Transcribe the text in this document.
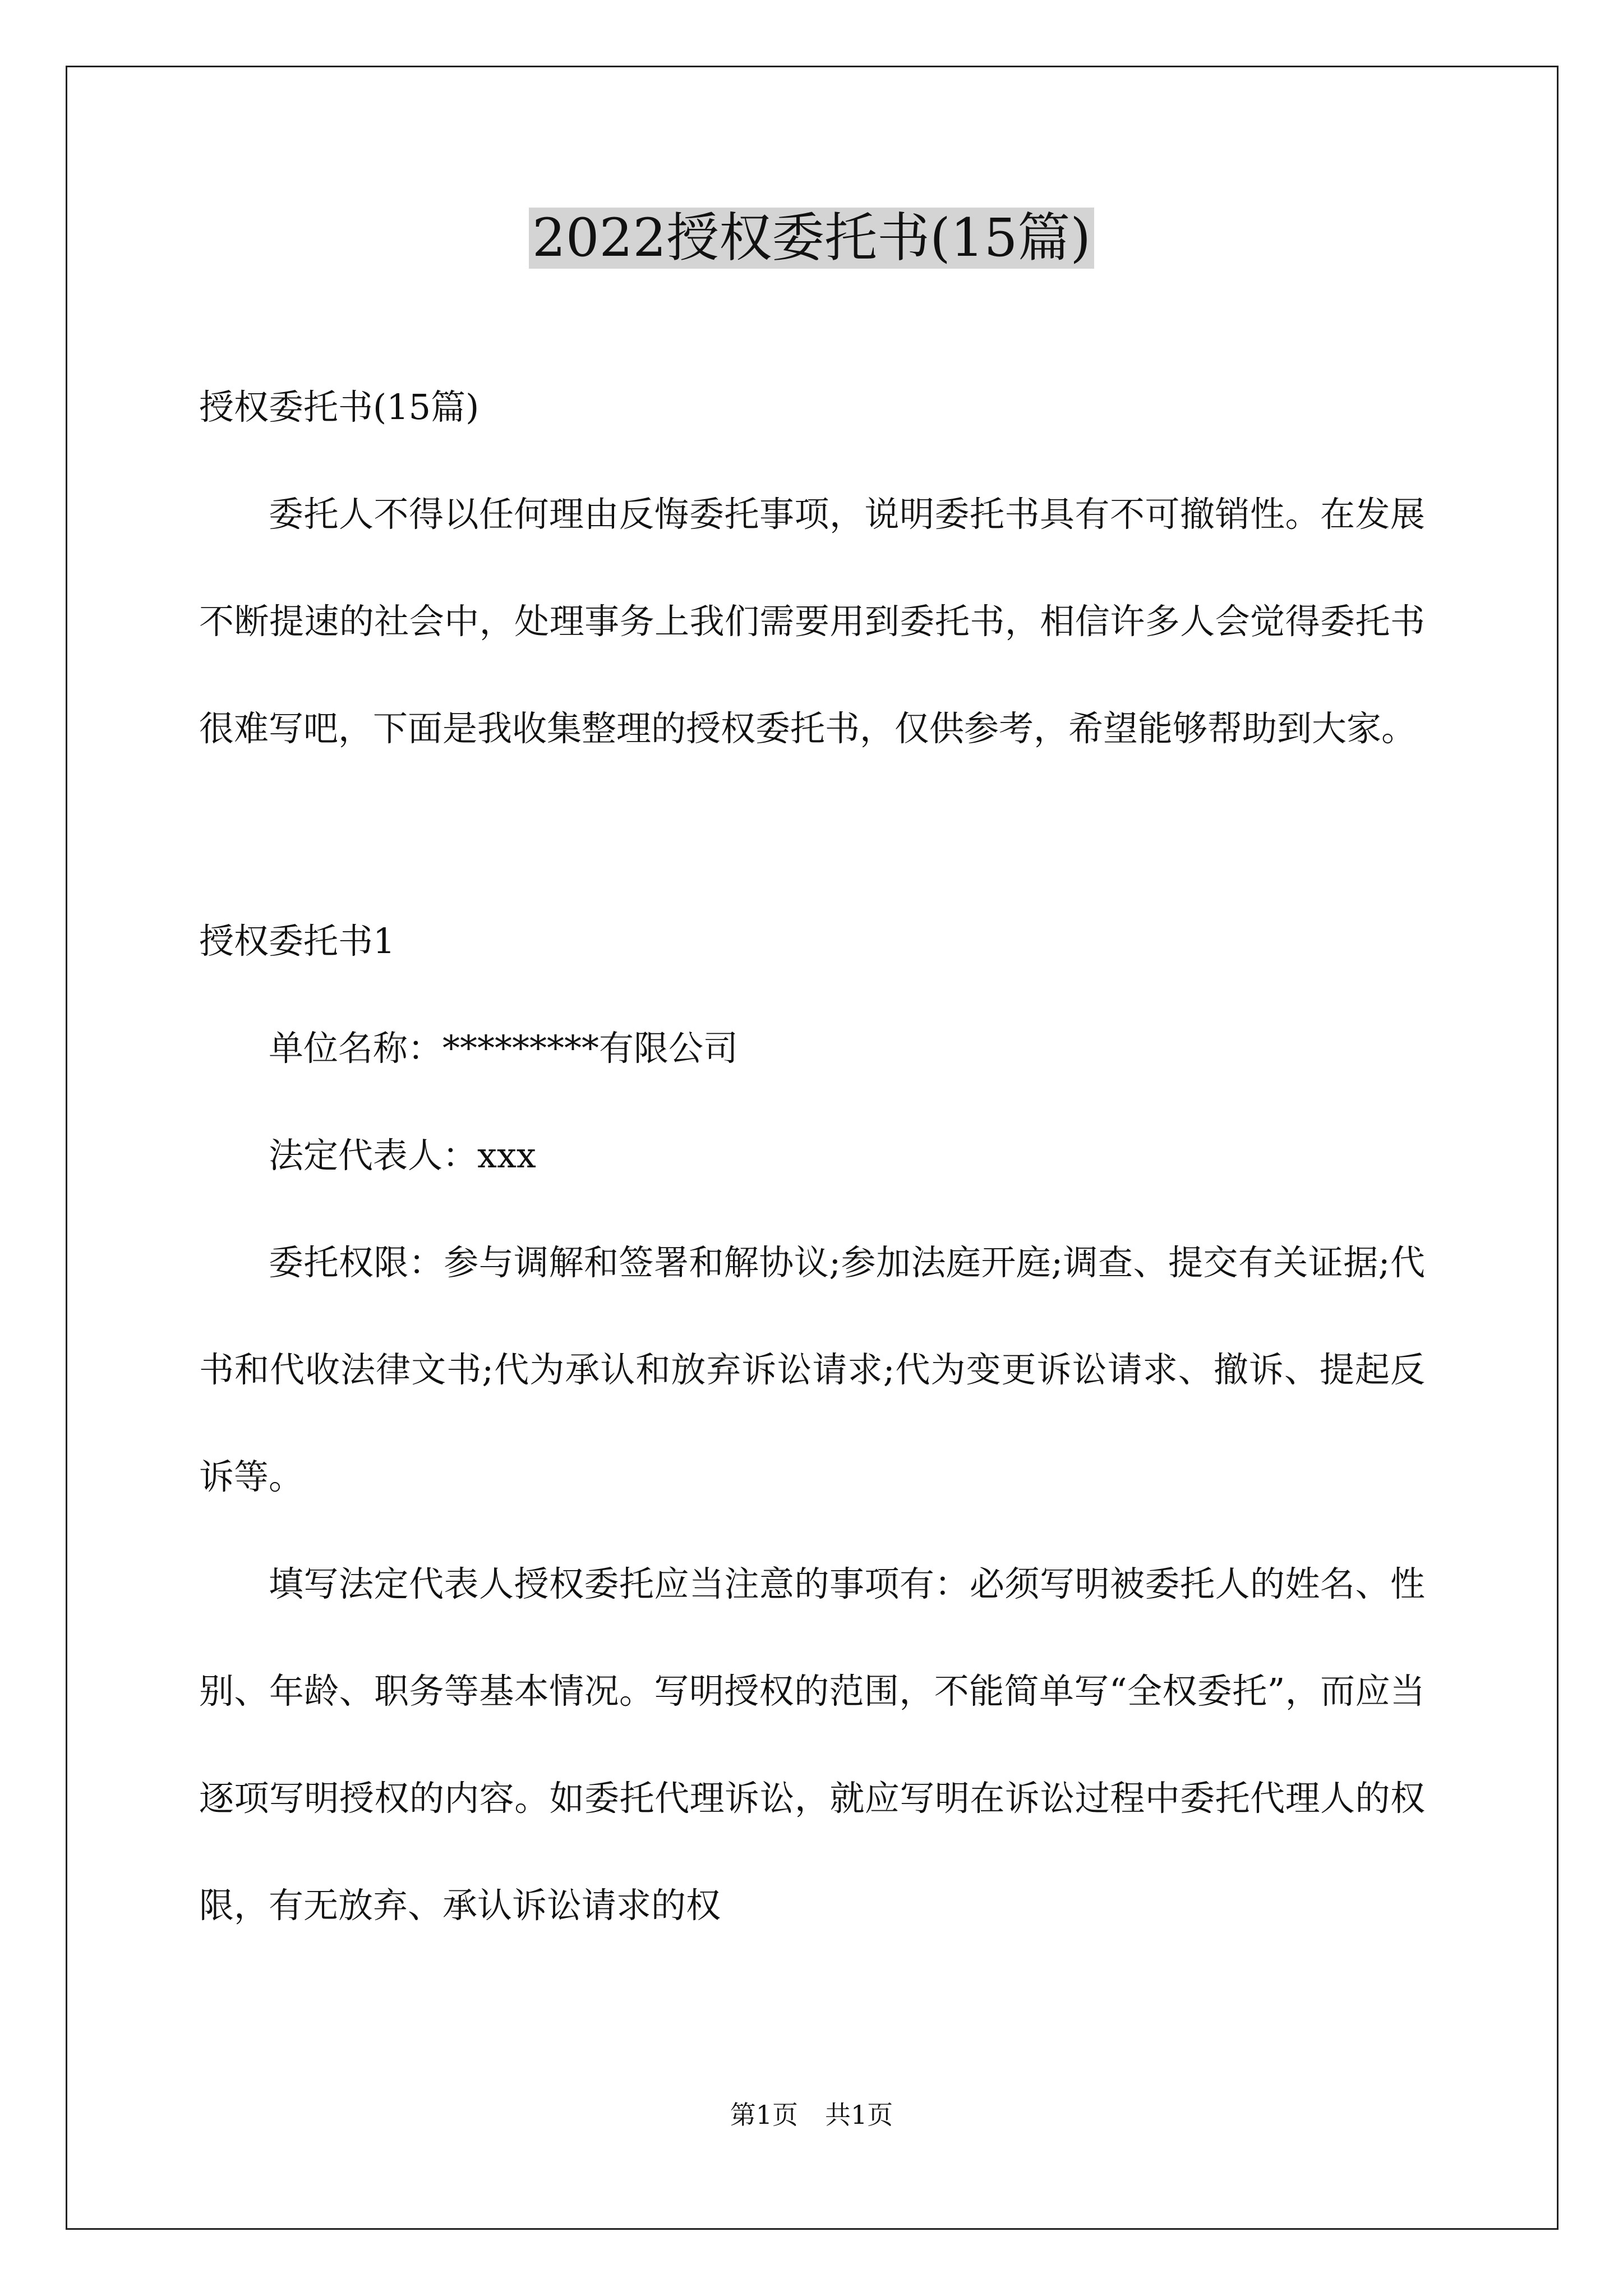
2022授权委托书(15篇)

授权委托书(15篇)

委托人不得以任何理由反悔委托事项，说明委托书具有不可撤销性。在发展不断提速的社会中，处理事务上我们需要用到委托书，相信许多人会觉得委托书很难写吧，下面是我收集整理的授权委托书，仅供参考，希望能够帮助到大家。

授权委托书1

单位名称：*********有限公司

法定代表人：xxx

委托权限：参与调解和签署和解协议;参加法庭开庭;调查、提交有关证据;代书和代收法律文书;代为承认和放弃诉讼请求;代为变更诉讼请求、撤诉、提起反诉等。

填写法定代表人授权委托应当注意的事项有：必须写明被委托人的姓名、性别、年龄、职务等基本情况。写明授权的范围，不能简单写“全权委托”，而应当逐项写明授权的内容。如委托代理诉讼，就应写明在诉讼过程中委托代理人的权限，有无放弃、承认诉讼请求的权

第1页 共1页
